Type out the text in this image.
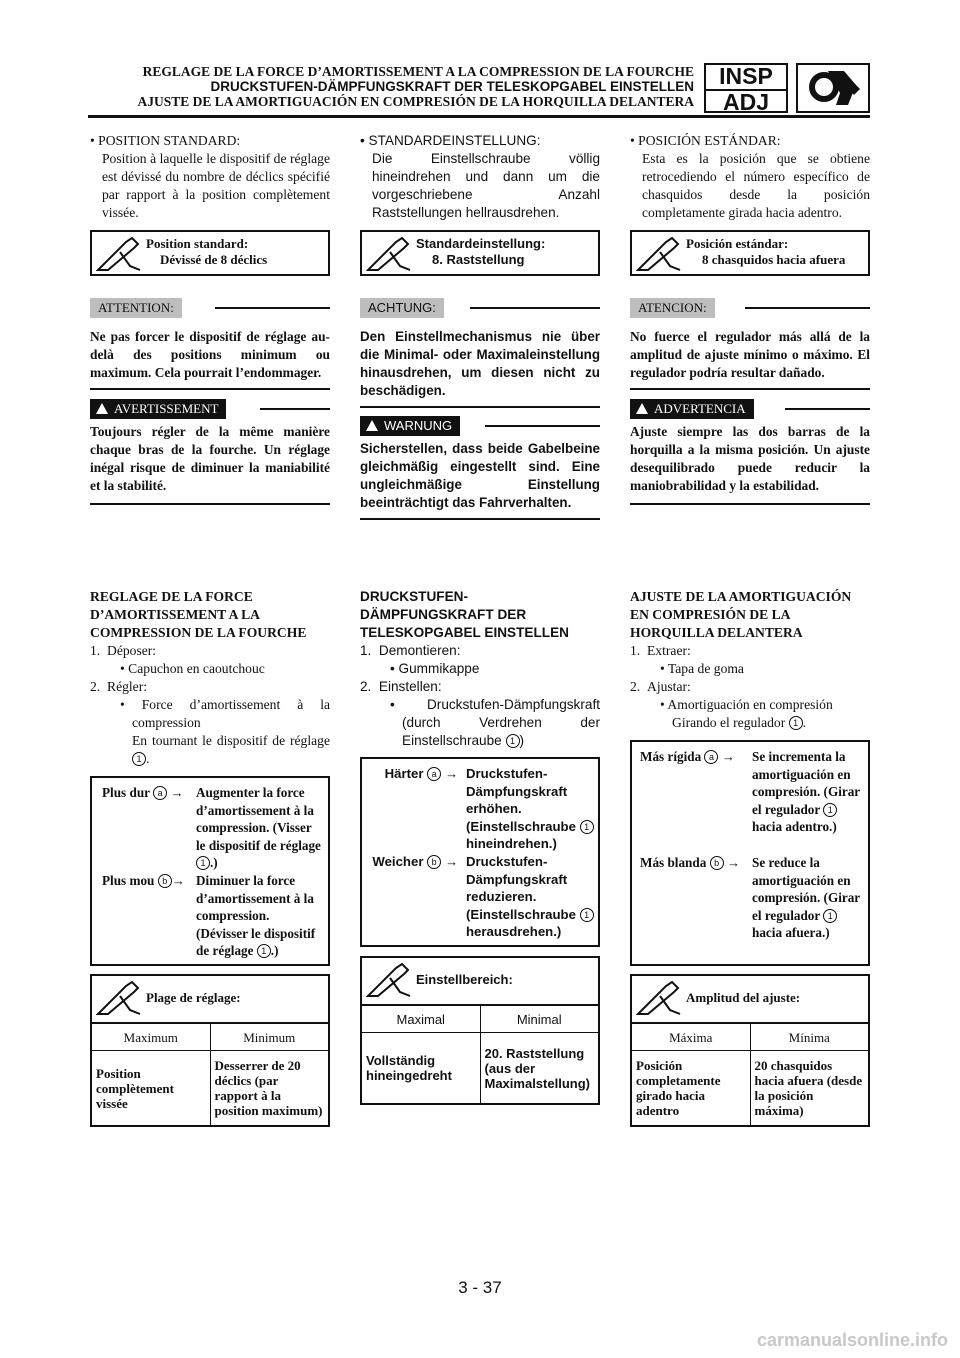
REGLAGE DE LA FORCE D’AMORTISSEMENT A LA COMPRESSION DE LA FOURCHE
DRUCKSTUFEN-DÄMPFUNGSKRAFT DER TELESKOPGABEL EINSTELLEN
AJUSTE DE LA AMORTIGUACIÓN EN COMPRESIÓN DE LA HORQUILLA DELANTERA
INSP
ADJ
• POSITION STANDARD:
Position à laquelle le dispositif de réglage est dévissé du nombre de déclics spécifié par rapport à la position complètement vissée.
Position standard:
Dévissé de 8 déclics
ATTENTION:
Ne pas forcer le dispositif de réglage au-delà des positions minimum ou maximum. Cela pourrait l’endommager.
AVERTISSEMENT
Toujours régler de la même manière chaque bras de la fourche. Un réglage inégal risque de diminuer la maniabilité et la stabilité.
REGLAGE DE LA FORCE D’AMORTISSEMENT A LA COMPRESSION DE LA FOURCHE
1. Déposer:
• Capuchon en caoutchouc
2. Régler:
• Force d’amortissement à la compression
En tournant le dispositif de réglage 1 .
Plus dur a → Augmenter la force d’amortissement à la compression. (Visser le dispositif de réglage 1 .)
Plus mou b → Diminuer la force d’amortissement à la compression. (Dévisser le dispositif de réglage 1 .)
Plage de réglage:
Maximum	Minimum
Position complètement vissée	Desserrer de 20 déclics (par rapport à la position maximum)
• STANDARDEINSTELLUNG:
Die Einstellschraube völlig hineindrehen und dann um die vorgeschriebene Anzahl Raststellungen hellrausdrehen.
Standardeinstellung:
8. Raststellung
ACHTUNG:
Den Einstellmechanismus nie über die Minimal- oder Maximaleinstellung hinausdrehen, um diesen nicht zu beschädigen.
WARNUNG
Sicherstellen, dass beide Gabelbeine gleichmäßig eingestellt sind. Eine ungleichmäßige Einstellung beeinträchtigt das Fahrverhalten.
DRUCKSTUFEN-DÄMPFUNGSKRAFT DER TELESKOPGABEL EINSTELLEN
1. Demontieren:
• Gummikappe
2. Einstellen:
• Druckstufen-Dämpfungskraft (durch Verdrehen der Einstellschraube 1 )
Härter a → Druckstufen-Dämpfungskraft erhöhen. (Einstellschraube 1 hineindrehen.)
Weicher b → Druckstufen-Dämpfungskraft reduzieren. (Einstellschraube 1 herausdrehen.)
Einstellbereich:
Maximal	Minimal
Vollständig hineingedreht	20. Raststellung (aus der Maximalstellung)
• POSICIÓN ESTÁNDAR:
Esta es la posición que se obtiene retrocediendo el número específico de chasquidos desde la posición completamente girada hacia adentro.
Posición estándar:
8 chasquidos hacia afuera
ATENCION:
No fuerce el regulador más allá de la amplitud de ajuste mínimo o máximo. El regulador podría resultar dañado.
ADVERTENCIA
Ajuste siempre las dos barras de la horquilla a la misma posición. Un ajuste desequilibrado puede reducir la maniobrabilidad y la estabilidad.
AJUSTE DE LA AMORTIGUACIÓN EN COMPRESIÓN DE LA HORQUILLA DELANTERA
1. Extraer:
• Tapa de goma
2. Ajustar:
• Amortiguación en compresión
Girando el regulador 1 .
Más rígida a → Se incrementa la amortiguación en compresión. (Girar el regulador 1 hacia adentro.)
Más blanda b → Se reduce la amortiguación en compresión. (Girar el regulador 1 hacia afuera.)
Amplitud del ajuste:
Máxima	Mínima
Posición completamente girado hacia adentro	20 chasquidos hacia afuera (desde la posición máxima)
3 - 37
carmanualsonline.info
